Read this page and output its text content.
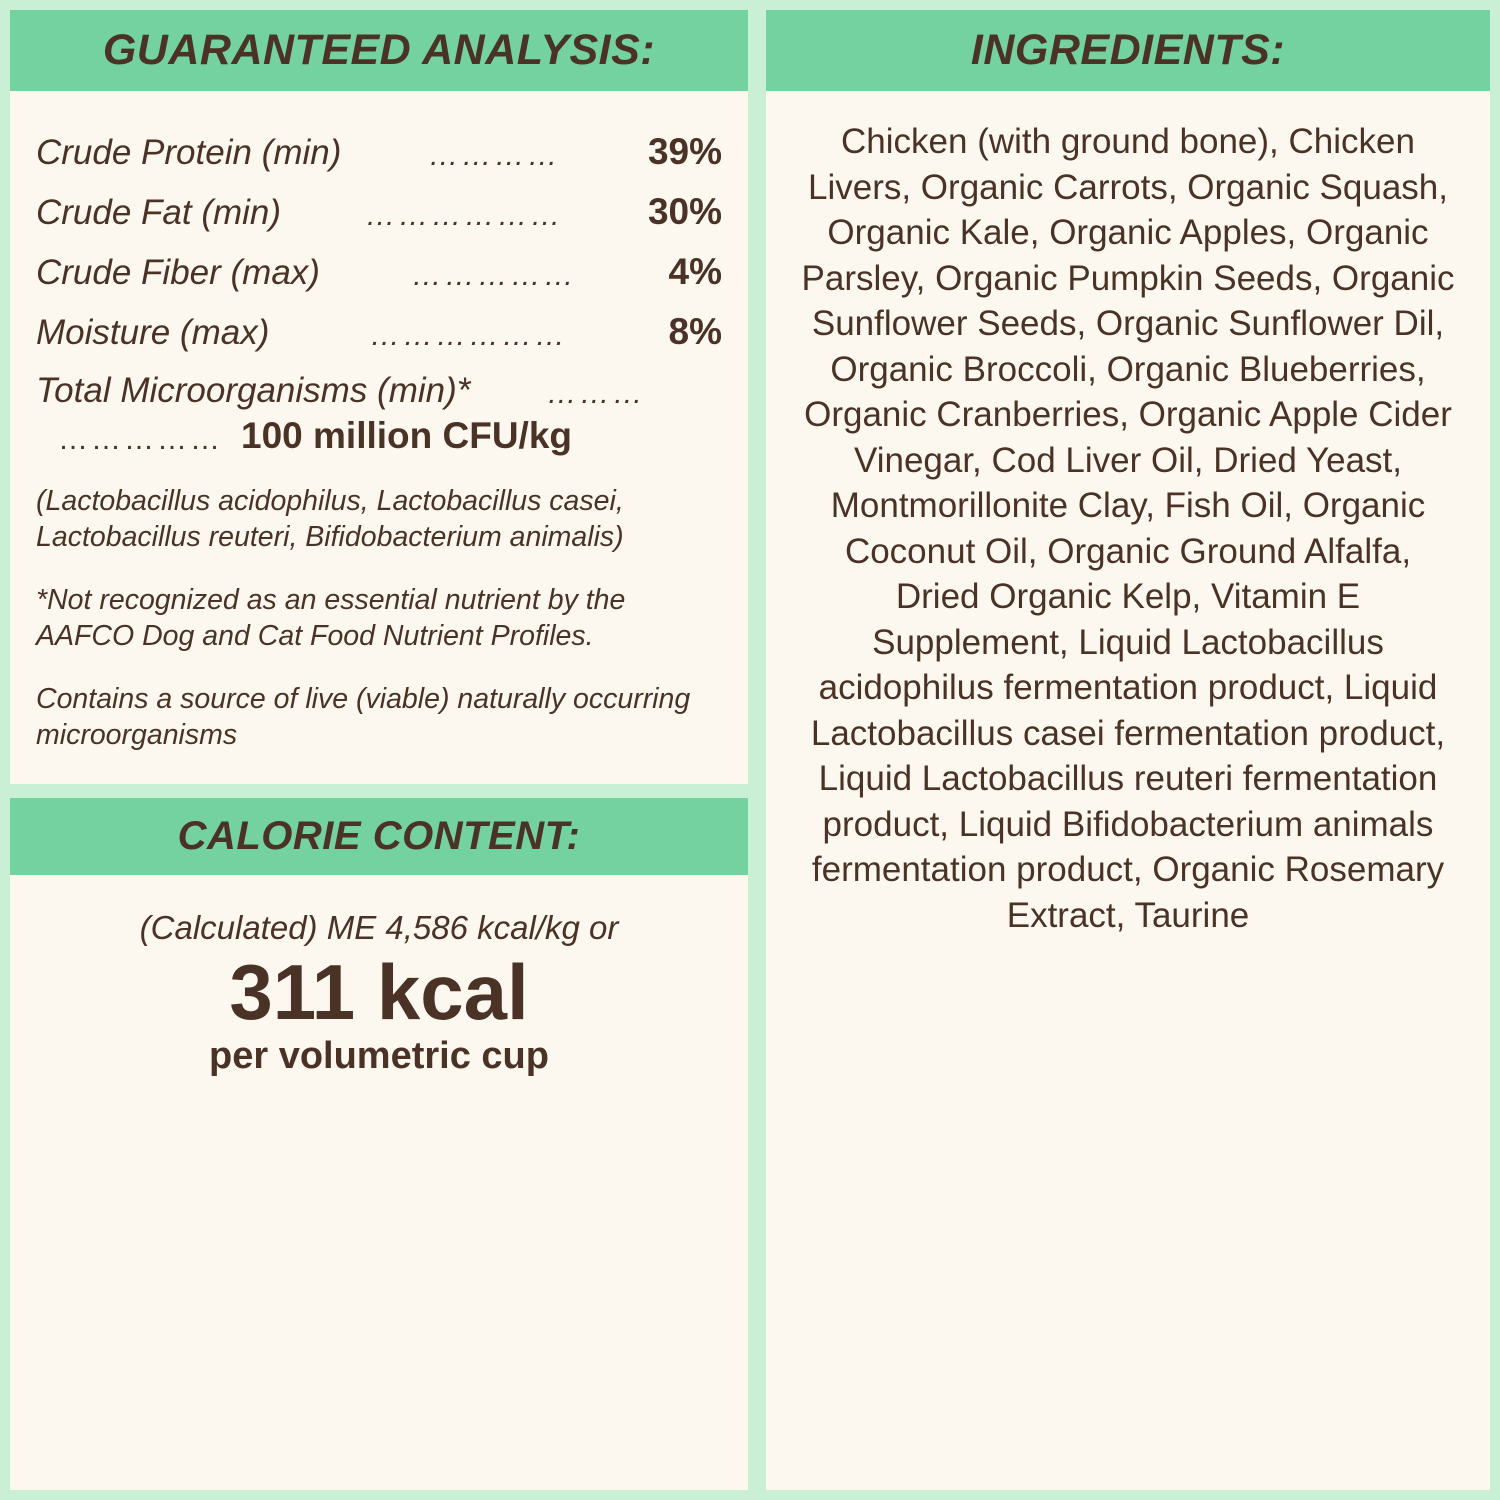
GUARANTEED ANALYSIS:
Crude Protein (min)	…………	39%
Crude Fat (min)	………………	30%
Crude Fiber (max)	……………	4%
Moisture (max)	………………	8%
Total Microorganisms (min)*	………
…………… 100 million CFU/kg
(Lactobacillus acidophilus, Lactobacillus casei, Lactobacillus reuteri, Bifidobacterium animalis)
*Not recognized as an essential nutrient by the AAFCO Dog and Cat Food Nutrient Profiles.
Contains a source of live (viable) naturally occurring microorganisms
CALORIE CONTENT:
(Calculated) ME 4,586 kcal/kg or
311 kcal
per volumetric cup
INGREDIENTS:
Chicken (with ground bone), Chicken Livers, Organic Carrots, Organic Squash, Organic Kale, Organic Apples, Organic Parsley, Organic Pumpkin Seeds, Organic Sunflower Seeds, Organic Sunflower Dil, Organic Broccoli, Organic Blueberries, Organic Cranberries, Organic Apple Cider Vinegar, Cod Liver Oil, Dried Yeast, Montmorillonite Clay, Fish Oil, Organic Coconut Oil, Organic Ground Alfalfa, Dried Organic Kelp, Vitamin E Supplement, Liquid Lactobacillus acidophilus fermentation product, Liquid Lactobacillus casei fermentation product, Liquid Lactobacillus reuteri fermentation product, Liquid Bifidobacterium animals fermentation product, Organic Rosemary Extract, Taurine
